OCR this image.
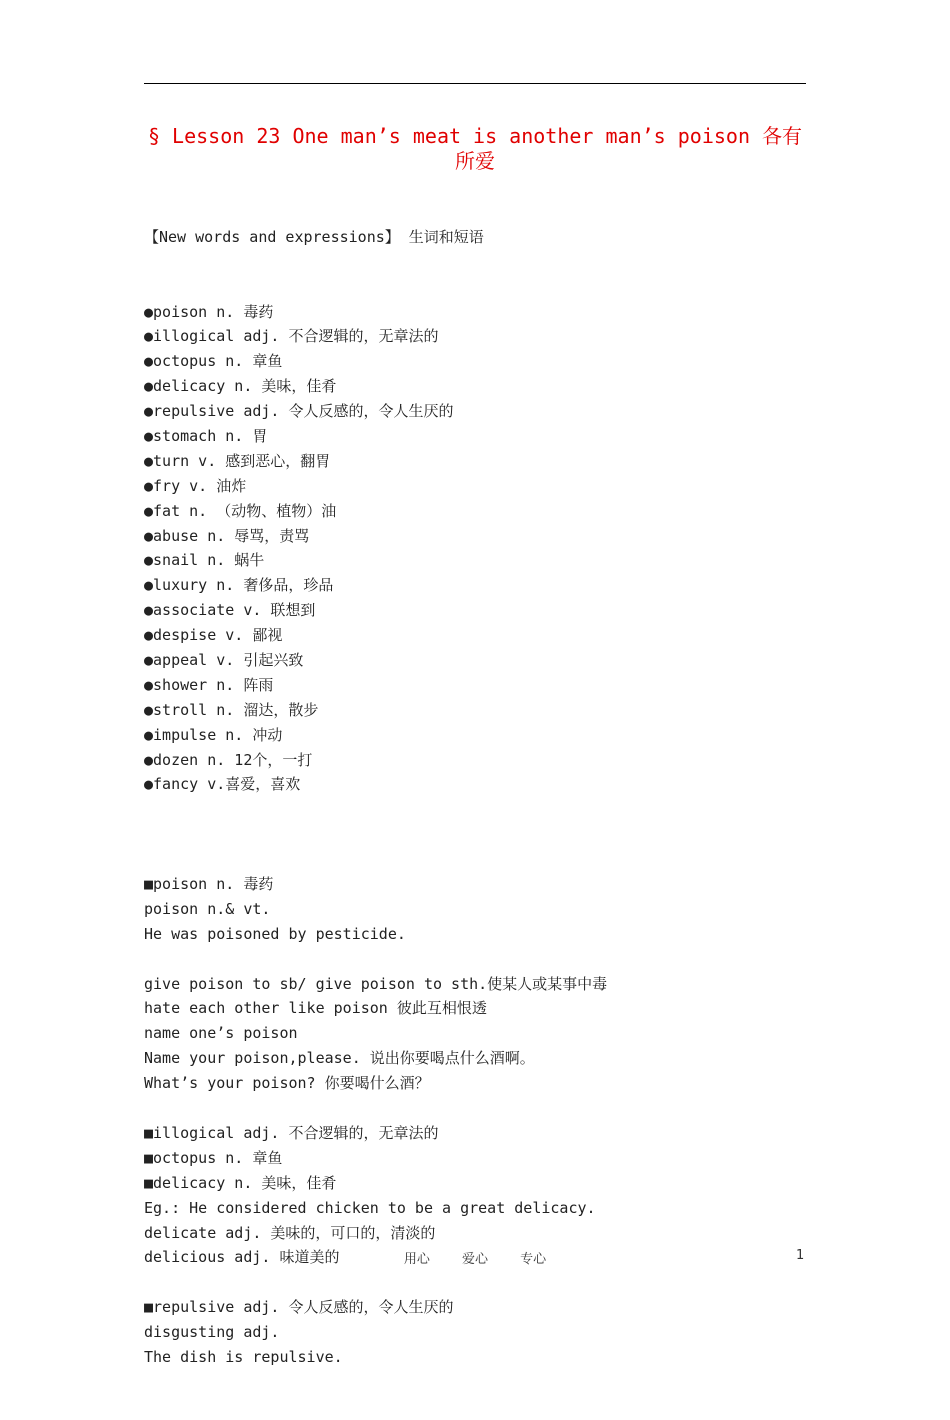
§ Lesson 23 One man’s meat is another man’s poison 各有所爱

【New words and expressions】 生词和短语

●poison n. 毒药
●illogical adj. 不合逻辑的，无章法的
●octopus n. 章鱼
●delicacy n. 美味，佳肴
●repulsive adj. 令人反感的，令人生厌的
●stomach n. 胃
●turn v. 感到恶心，翻胃
●fry v. 油炸
●fat n. （动物、植物）油
●abuse n. 辱骂，责骂
●snail n. 蜗牛
●luxury n. 奢侈品，珍品
●associate v. 联想到
●despise v. 鄙视
●appeal v. 引起兴致
●shower n. 阵雨
●stroll n. 溜达，散步
●impulse n. 冲动
●dozen n. 12个，一打
●fancy v.喜爱，喜欢

■poison n. 毒药
poison n.& vt.
He was poisoned by pesticide.
give poison to sb/ give poison to sth.使某人或某事中毒
hate each other like poison 彼此互相恨透
name one’s poison
Name your poison,please. 说出你要喝点什么酒啊。
What’s your poison? 你要喝什么酒？
■illogical adj. 不合逻辑的，无章法的
■octopus n. 章鱼
■delicacy n. 美味，佳肴
Eg.: He considered chicken to be a great delicacy.
delicate adj. 美味的，可口的，清淡的
delicious adj. 味道美的
■repulsive adj. 令人反感的，令人生厌的
disgusting adj.
The dish is repulsive.

用心 爱心 专心	1
